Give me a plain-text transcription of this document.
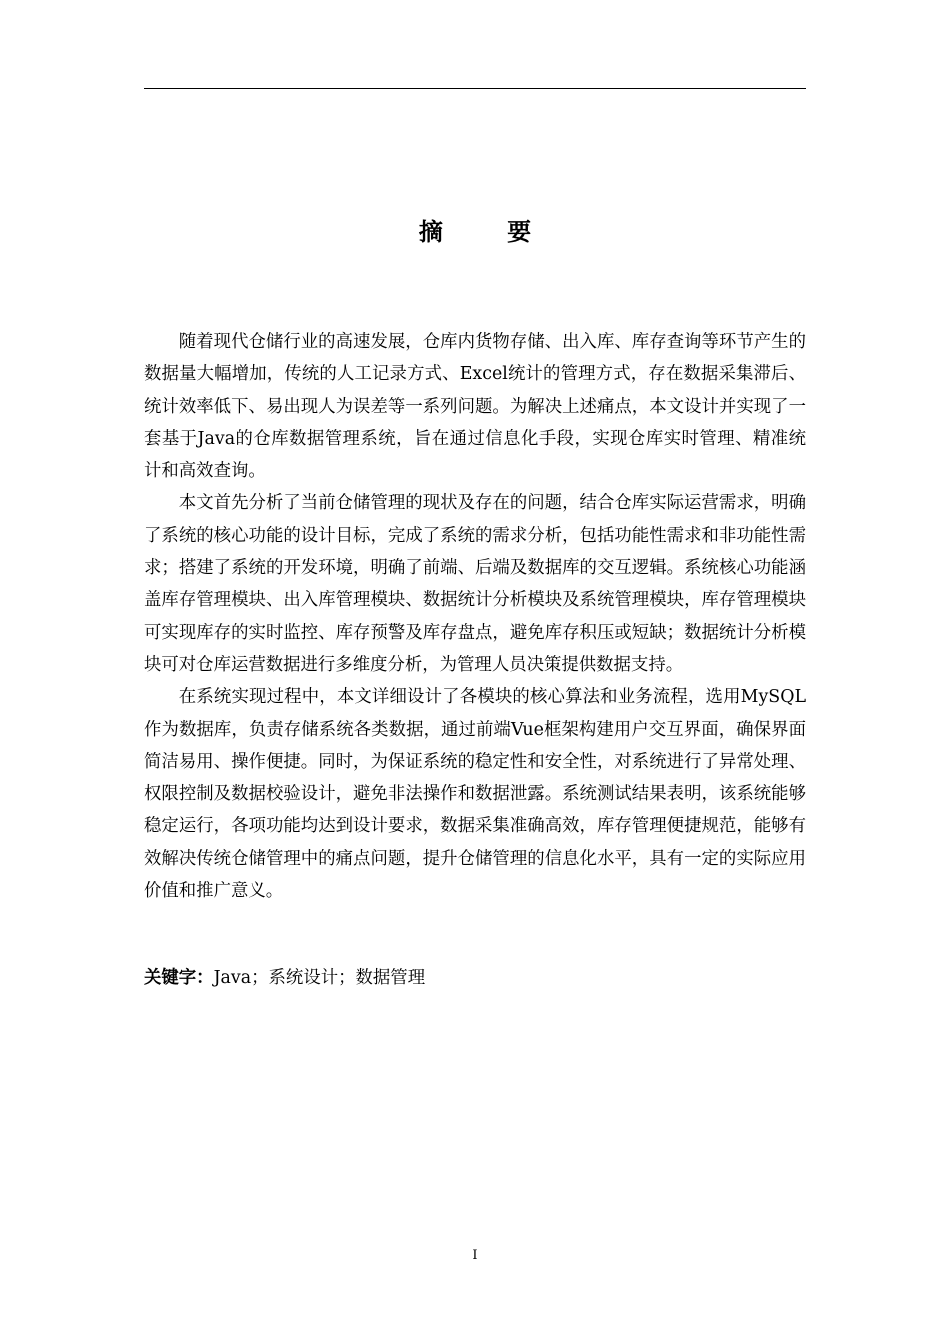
摘 要

随着现代仓储行业的高速发展，仓库内货物存储、出入库、库存查询等环节产生的数据量大幅增加，传统的人工记录方式、Excel统计的管理方式，存在数据采集滞后、统计效率低下、易出现人为误差等一系列问题。为解决上述痛点，本文设计并实现了一套基于Java的仓库数据管理系统，旨在通过信息化手段，实现仓库实时管理、精准统计和高效查询。

本文首先分析了当前仓储管理的现状及存在的问题，结合仓库实际运营需求，明确了系统的核心功能的设计目标，完成了系统的需求分析，包括功能性需求和非功能性需求；搭建了系统的开发环境，明确了前端、后端及数据库的交互逻辑。系统核心功能涵盖库存管理模块、出入库管理模块、数据统计分析模块及系统管理模块，库存管理模块可实现库存的实时监控、库存预警及库存盘点，避免库存积压或短缺；数据统计分析模块可对仓库运营数据进行多维度分析，为管理人员决策提供数据支持。

在系统实现过程中，本文详细设计了各模块的核心算法和业务流程，选用MySQL作为数据库，负责存储系统各类数据，通过前端Vue框架构建用户交互界面，确保界面简洁易用、操作便捷。同时，为保证系统的稳定性和安全性，对系统进行了异常处理、权限控制及数据校验设计，避免非法操作和数据泄露。系统测试结果表明，该系统能够稳定运行，各项功能均达到设计要求，数据采集准确高效，库存管理便捷规范，能够有效解决传统仓储管理中的痛点问题，提升仓储管理的信息化水平，具有一定的实际应用价值和推广意义。

关键字：Java；系统设计；数据管理
I
